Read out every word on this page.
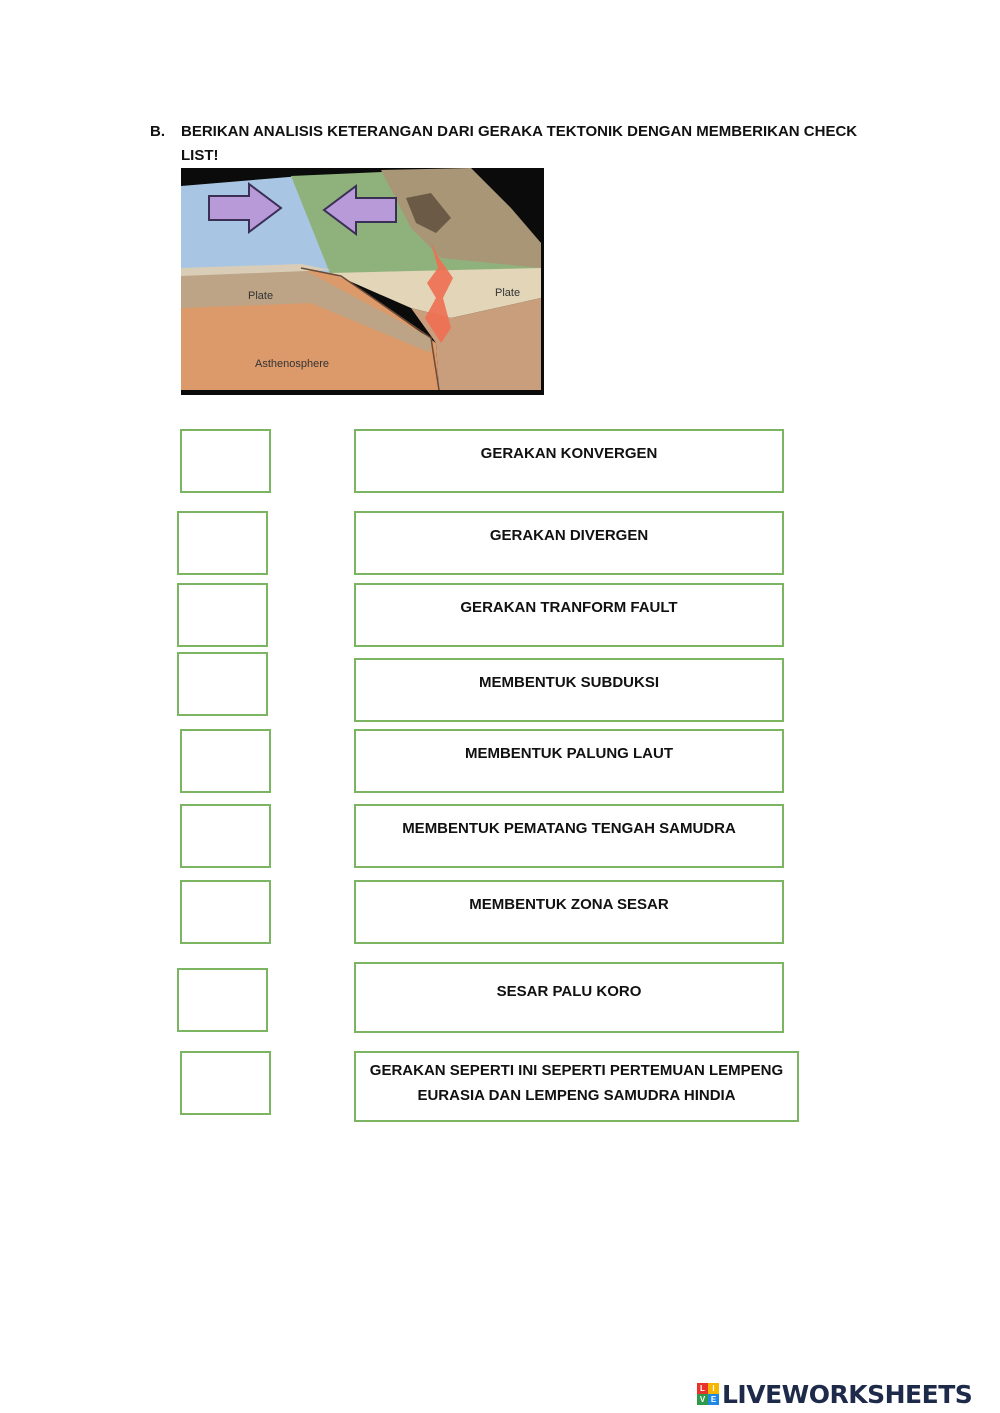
B. BERIKAN ANALISIS KETERANGAN DARI GERAKA TEKTONIK DENGAN MEMBERIKAN CHECK LIST!
Plate	Plate
Asthenosphere
GERAKAN KONVERGEN
GERAKAN DIVERGEN
GERAKAN TRANFORM FAULT
MEMBENTUK SUBDUKSI
MEMBENTUK PALUNG LAUT
MEMBENTUK PEMATANG TENGAH SAMUDRA
MEMBENTUK ZONA SESAR
SESAR PALU KORO
GERAKAN SEPERTI INI SEPERTI PERTEMUAN LEMPENG EURASIA DAN LEMPENG SAMUDRA HINDIA
L I
V E LIVEWORKSHEETS
